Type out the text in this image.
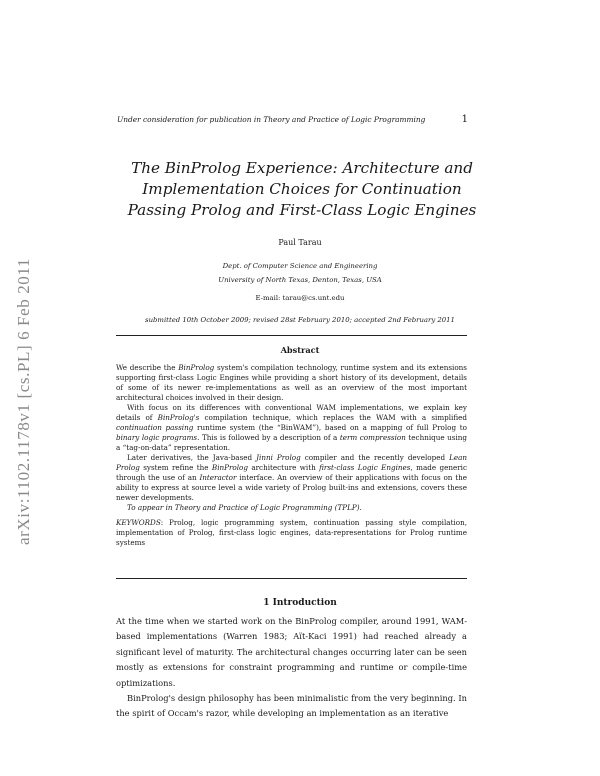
arXiv:1102.1178v1 [cs.PL] 6 Feb 2011
Under consideration for publication in Theory and Practice of Logic Programming	1
The BinProlog Experience: Architecture and
Implementation Choices for Continuation
Passing Prolog and First-Class Logic Engines
Paul Tarau
Dept. of Computer Science and Engineering
University of North Texas, Denton, Texas, USA
E-mail: tarau@cs.unt.edu
submitted 10th October 2009; revised 28st February 2010; accepted 2nd February 2011
Abstract

We describe the BinProlog system's compilation technology, runtime system and its extensions supporting first-class Logic Engines while providing a short history of its development, details of some of its newer re-implementations as well as an overview of the most important architectural choices involved in their design.

With focus on its differences with conventional WAM implementations, we explain key details of BinProlog's compilation technique, which replaces the WAM with a simplified continuation passing runtime system (the “BinWAM”), based on a mapping of full Prolog to binary logic programs. This is followed by a description of a term compression technique using a “tag-on-data” representation.

Later derivatives, the Java-based Jinni Prolog compiler and the recently developed Lean Prolog system refine the BinProlog architecture with first-class Logic Engines, made generic through the use of an Interactor interface. An overview of their applications with focus on the ability to express at source level a wide variety of Prolog built-ins and extensions, covers these newer developments.

To appear in Theory and Practice of Logic Programming (TPLP).

KEYWORDS: Prolog, logic programming system, continuation passing style compilation, implementation of Prolog, first-class logic engines, data-representations for Prolog runtime systems

1 Introduction

At the time when we started work on the BinProlog compiler, around 1991, WAM-based implementations (Warren 1983; Aït-Kaci 1991) had reached already a significant level of maturity. The architectural changes occurring later can be seen mostly as extensions for constraint programming and runtime or compile-time optimizations.

BinProlog's design philosophy has been minimalistic from the very beginning. In the spirit of Occam's razor, while developing an implementation as an iterative
